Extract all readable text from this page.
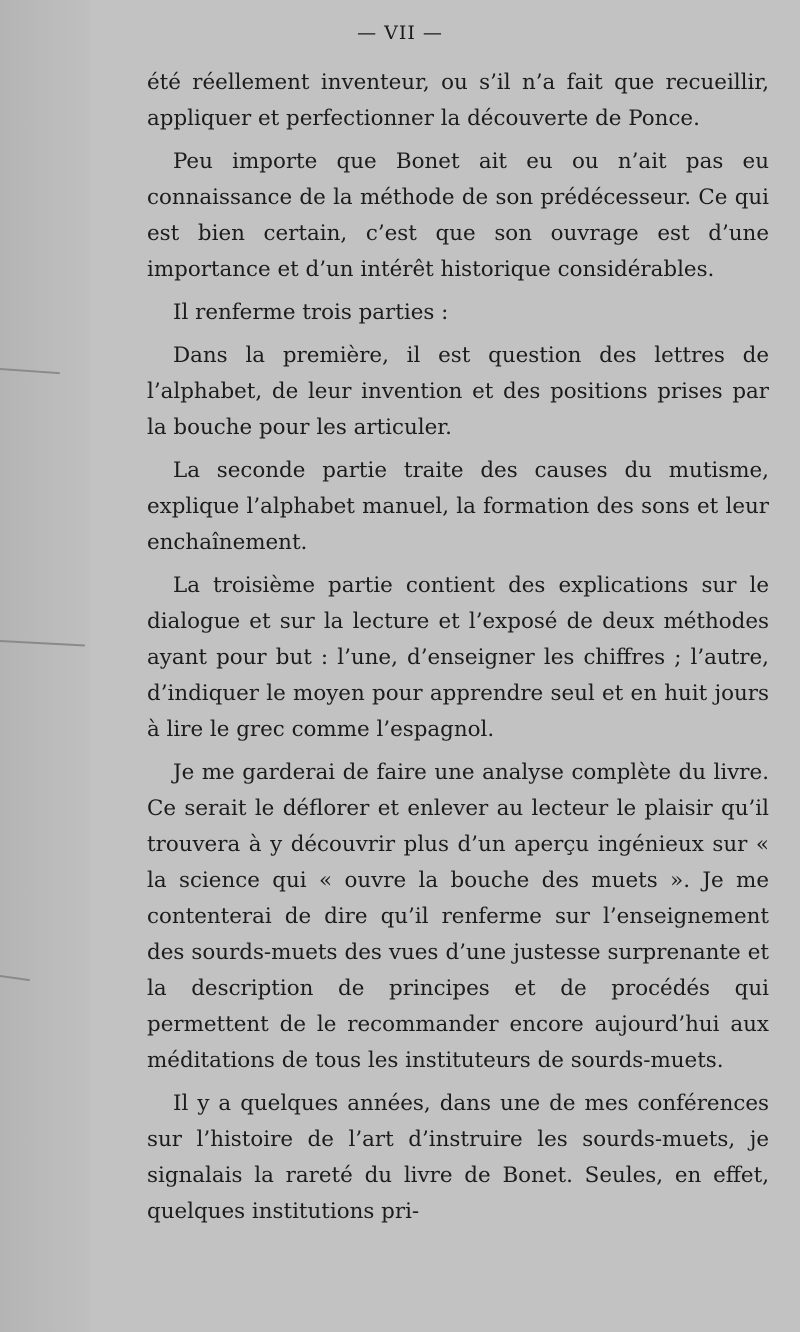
— VII —

été réellement inventeur, ou s’il n’a fait que recueillir, appliquer et perfectionner la découverte de Ponce.

Peu importe que Bonet ait eu ou n’ait pas eu connaissance de la méthode de son prédécesseur. Ce qui est bien certain, c’est que son ouvrage est d’une importance et d’un intérêt historique considérables.

Il renferme trois parties :

Dans la première, il est question des lettres de l’alphabet, de leur invention et des positions prises par la bouche pour les articuler.

La seconde partie traite des causes du mutisme, explique l’alphabet manuel, la formation des sons et leur enchaînement.

La troisième partie contient des explications sur le dialogue et sur la lecture et l’exposé de deux méthodes ayant pour but : l’une, d’enseigner les chiffres ; l’autre, d’indiquer le moyen pour apprendre seul et en huit jours à lire le grec comme l’espagnol.

Je me garderai de faire une analyse complète du livre. Ce serait le déflorer et enlever au lecteur le plaisir qu’il trouvera à y découvrir plus d’un aperçu ingénieux sur « la science qui « ouvre la bouche des muets ». Je me contenterai de dire qu’il renferme sur l’enseignement des sourds-muets des vues d’une justesse surprenante et la description de principes et de procédés qui permettent de le recommander encore aujourd’hui aux méditations de tous les instituteurs de sourds-muets.

Il y a quelques années, dans une de mes conférences sur l’histoire de l’art d’instruire les sourds-muets, je signalais la rareté du livre de Bonet. Seules, en effet, quelques institutions pri-
